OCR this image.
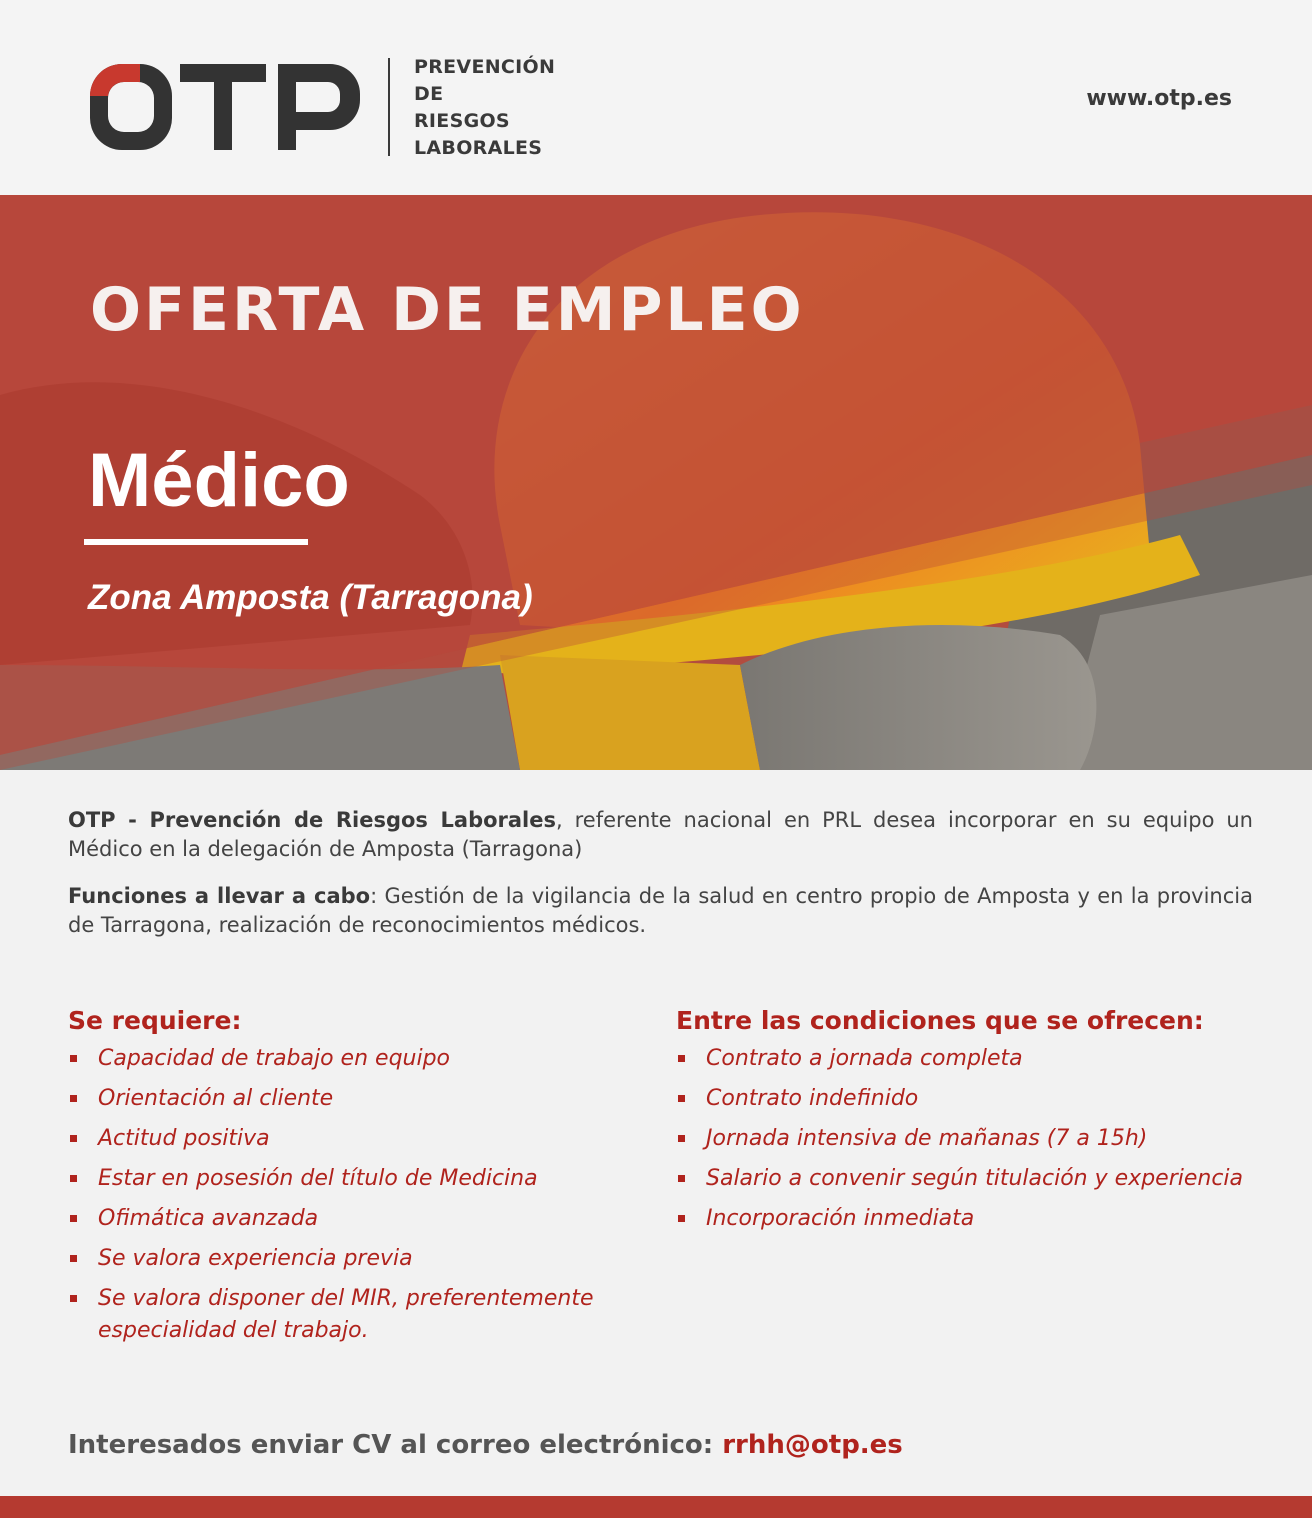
PREVENCIÓN
DE
RIESGOS
LABORALES
www.otp.es
OFERTA DE EMPLEO
Médico
Zona Amposta (Tarragona)

OTP - Prevención de Riesgos Laborales, referente nacional en PRL desea incorporar en su equipo un Médico en la delegación de Amposta (Tarragona)

Funciones a llevar a cabo: Gestión de la vigilancia de la salud en centro propio de Amposta y en la provincia de Tarragona, realización de reconocimientos médicos.

Se requiere:
Capacidad de trabajo en equipo
Orientación al cliente
Actitud positiva
Estar en posesión del título de Medicina
Ofimática avanzada
Se valora experiencia previa
Se valora disponer del MIR, preferentemente especialidad del trabajo.
Entre las condiciones que se ofrecen:
Contrato a jornada completa
Contrato indefinido
Jornada intensiva de mañanas (7 a 15h)
Salario a convenir según titulación y experiencia
Incorporación inmediata
Interesados enviar CV al correo electrónico: rrhh@otp.es
